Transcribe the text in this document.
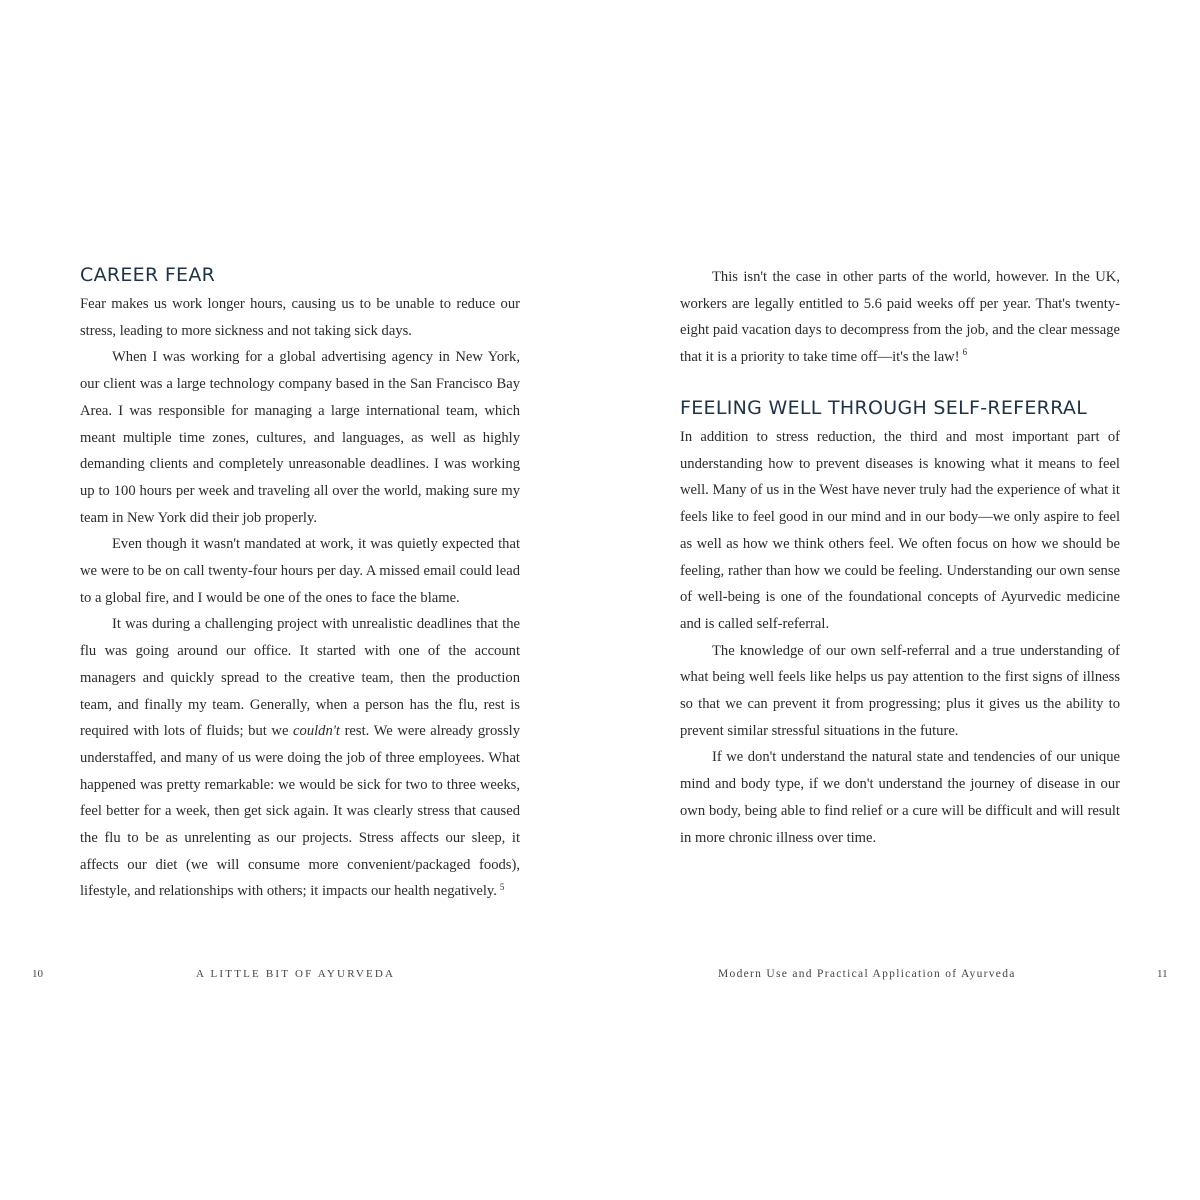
CAREER FEAR

Fear makes us work longer hours, causing us to be unable to reduce our stress, leading to more sickness and not taking sick days.

When I was working for a global advertising agency in New York, our client was a large technology company based in the San Francisco Bay Area. I was responsible for managing a large international team, which meant multiple time zones, cultures, and languages, as well as highly demanding clients and completely unreasonable deadlines. I was working up to 100 hours per week and traveling all over the world, making sure my team in New York did their job properly.

Even though it wasn't mandated at work, it was quietly expected that we were to be on call twenty-four hours per day. A missed email could lead to a global fire, and I would be one of the ones to face the blame.

It was during a challenging project with unrealistic deadlines that the flu was going around our office. It started with one of the account managers and quickly spread to the creative team, then the production team, and finally my team. Generally, when a person has the flu, rest is required with lots of fluids; but we couldn't rest. We were already grossly understaffed, and many of us were doing the job of three employees. What happened was pretty remarkable: we would be sick for two to three weeks, feel better for a week, then get sick again. It was clearly stress that caused the flu to be as unrelenting as our projects. Stress affects our sleep, it affects our diet (we will consume more convenient/packaged foods), lifestyle, and relationships with others; it impacts our health negatively. $^5$

10	A LITTLE BIT OF AYURVEDA

This isn't the case in other parts of the world, however. In the UK, workers are legally entitled to 5.6 paid weeks off per year. That's twenty-eight paid vacation days to decompress from the job, and the clear message that it is a priority to take time off—it's the law! $^6$

FEELING WELL THROUGH SELF-REFERRAL

In addition to stress reduction, the third and most important part of understanding how to prevent diseases is knowing what it means to feel well. Many of us in the West have never truly had the experience of what it feels like to feel good in our mind and in our body—we only aspire to feel as well as how we think others feel. We often focus on how we should be feeling, rather than how we could be feeling. Understanding our own sense of well-being is one of the foundational concepts of Ayurvedic medicine and is called self-referral.

The knowledge of our own self-referral and a true understanding of what being well feels like helps us pay attention to the first signs of illness so that we can prevent it from progressing; plus it gives us the ability to prevent similar stressful situations in the future.

If we don't understand the natural state and tendencies of our unique mind and body type, if we don't understand the journey of disease in our own body, being able to find relief or a cure will be difficult and will result in more chronic illness over time.

Modern Use and Practical Application of Ayurveda	11
